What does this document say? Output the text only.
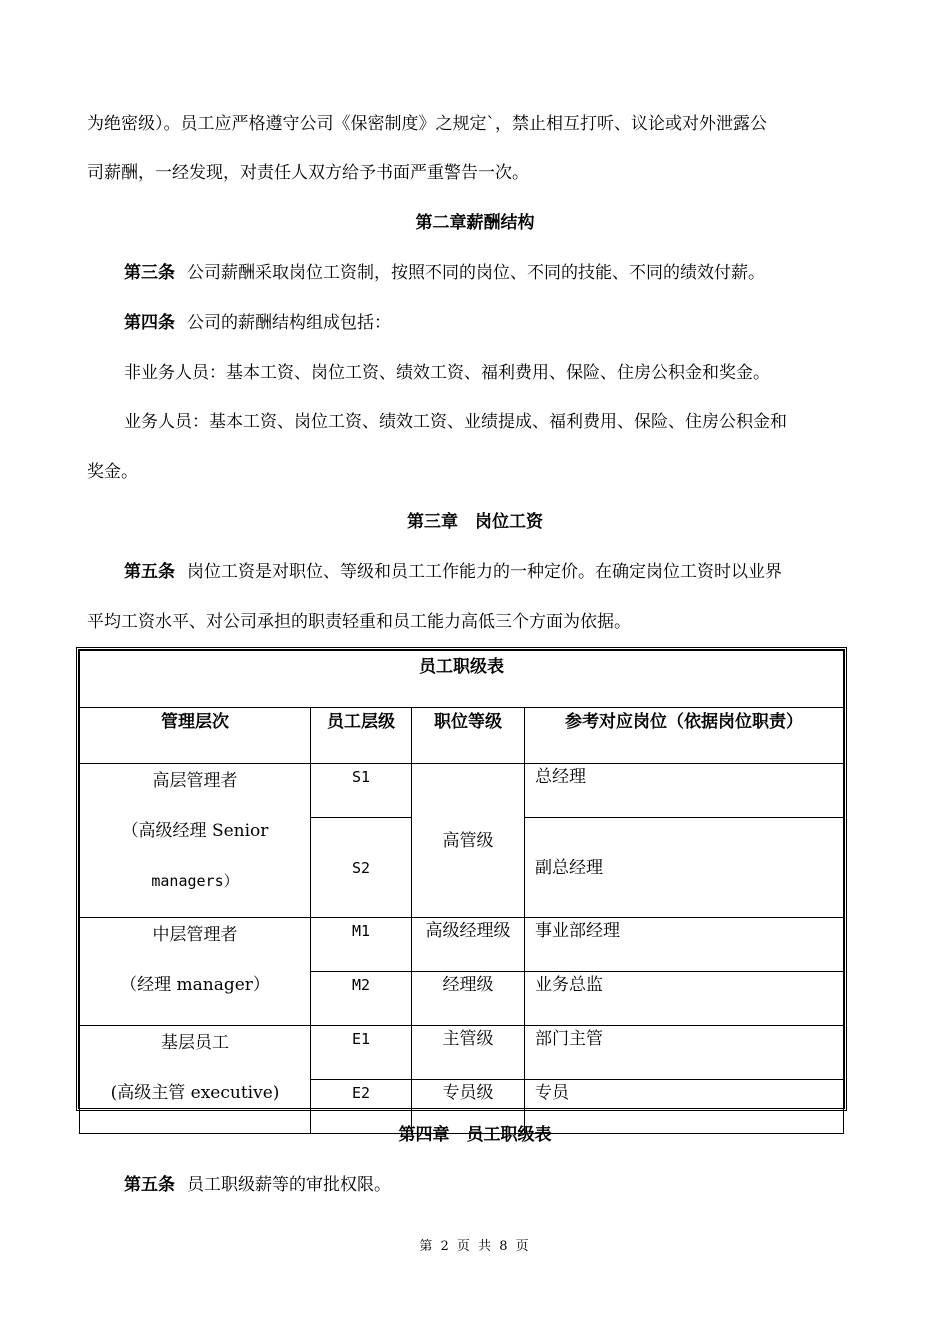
为绝密级）。员工应严格遵守公司《保密制度》之规定`，禁止相互打听、议论或对外泄露公
司薪酬，一经发现，对责任人双方给予书面严重警告一次。
第二章薪酬结构
第三条 公司薪酬采取岗位工资制，按照不同的岗位、不同的技能、不同的绩效付薪。
第四条 公司的薪酬结构组成包括：
非业务人员：基本工资、岗位工资、绩效工资、福利费用、保险、住房公积金和奖金。
业务人员：基本工资、岗位工资、绩效工资、业绩提成、福利费用、保险、住房公积金和
奖金。
第三章　岗位工资
第五条 岗位工资是对职位、等级和员工工作能力的一种定价。在确定岗位工资时以业界
平均工资水平、对公司承担的职责轻重和员工能力高低三个方面为依据。
员工职级表			
管理层次	员工层级	职位等级	参考对应岗位（依据岗位职责）

高层管理者
（高级经理 Senior
managers）	S1	高管级	总经理
	S2		副总经理

中层管理者
（经理 manager）	M1	高级经理级	事业部经理
	M2	经理级	业务总监

基层员工
(高级主管 executive)	E1	主管级	部门主管
	E2	专员级	专员
第四章　员工职级表
第五条 员工职级薪等的审批权限。
第 2 页 共 8 页
